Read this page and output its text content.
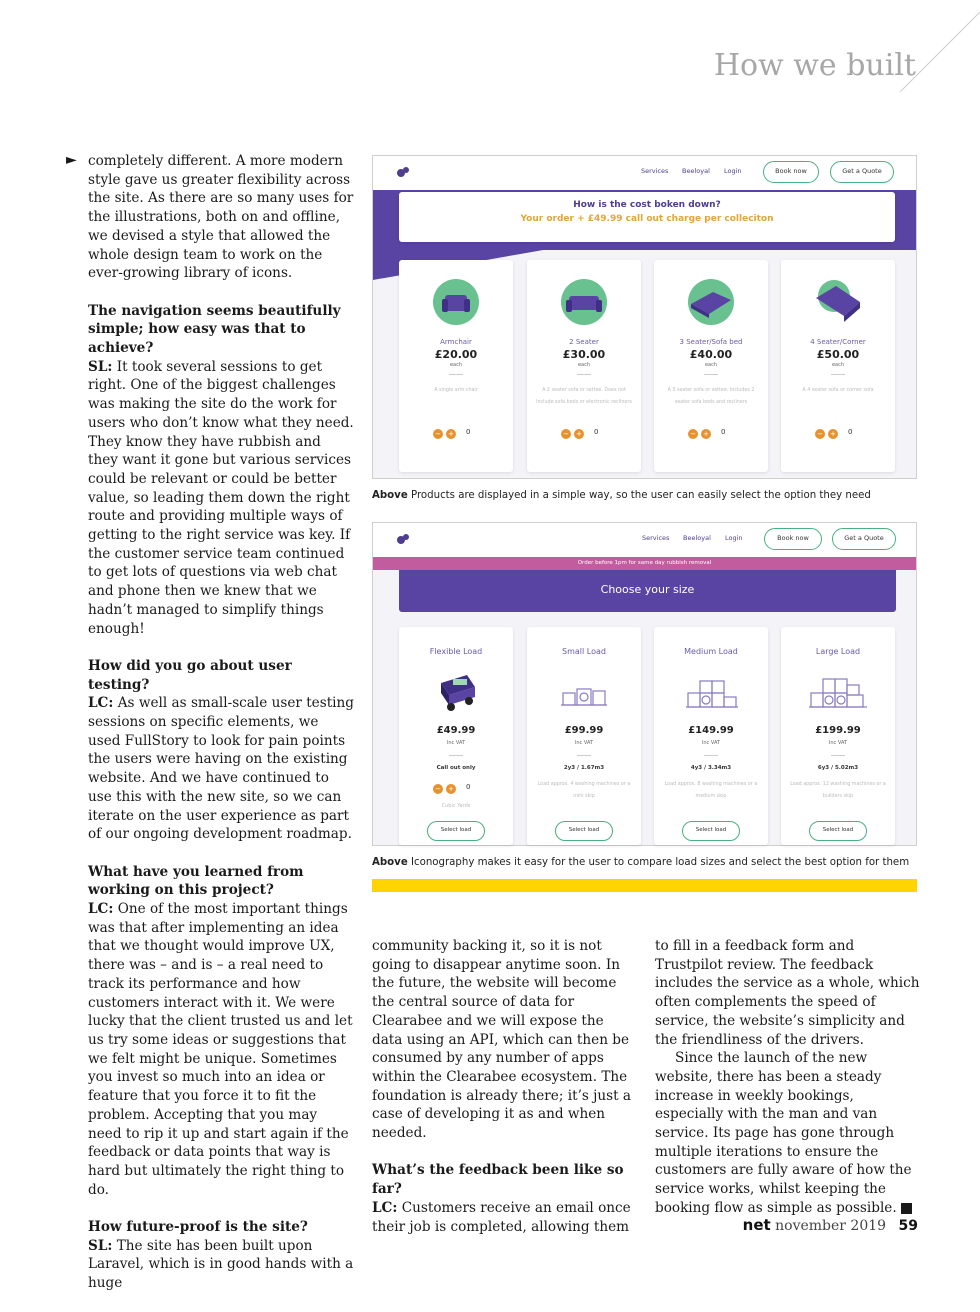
How we built
► completely different. A more modern style gave us greater flexibility across the site. As there are so many uses for the illustrations, both on and offline, we devised a style that allowed the whole design team to work on the ever-growing library of icons.

The navigation seems beautifully simple; how easy was that to achieve?
SL: It took several sessions to get right. One of the biggest challenges was making the site do the work for users who don’t know what they need. They know they have rubbish and they want it gone but various services could be relevant or could be better value, so leading them down the right route and providing multiple ways of getting to the right service was key. If the customer service team continued to get lots of questions via web chat and phone then we knew that we hadn’t managed to simplify things enough!

How did you go about user testing?
LC: As well as small-scale user testing sessions on specific elements, we used FullStory to look for pain points the users were having on the existing website. And we have continued to use this with the new site, so we can iterate on the user experience as part of our ongoing development roadmap.

What have you learned from working on this project?
LC: One of the most important things was that after implementing an idea that we thought would improve UX, there was – and is – a real need to track its performance and how customers interact with it. We were lucky that the client trusted us and let us try some ideas or suggestions that we felt might be unique. Sometimes you invest so much into an idea or feature that you force it to fit the problem. Accepting that you may need to rip it up and start again if the feedback or data points that way is hard but ultimately the right thing to do.

How future-proof is the site?
SL: The site has been built upon Laravel, which is in good hands with a huge

Services Beeloyal Login	Book now	Get a Quote
How is the cost boken down?
Your order + £49.99 call out charge per colleciton
Armchair
£20.00
each
A single arm chair
− + 0
2 Seater
£30.00
each
A 2 seater sofa or settee. Does not include sofa beds or electronic recliners
− + 0
3 Seater/Sofa bed
£40.00
each
A 3 seater sofa or settee. Includes 2 seater sofa beds and recliners
− + 0
4 Seater/Corner
£50.00
each
A 4 seater sofa or corner sofa
− + 0
Above Products are displayed in a simple way, so the user can easily select the option they need
Services Beeloyal Login	Book now	Get a Quote
Order before 1pm for same day rubbish removal
Choose your size
Flexible Load
£49.99
Inc VAT
Call out only
− + 0
Cubic Yards
Select load
Small Load
£99.99
Inc VAT
2y3 / 1.67m3
Load approx. 4 washing machines or a mini skip
Select load
Medium Load
£149.99
Inc VAT
4y3 / 3.34m3
Load approx. 8 washing machines or a medium skip
Select load
Large Load
£199.99
Inc VAT
6y3 / 5.02m3
Load approx. 12 washing machines or a builders skip
Select load
Above Iconography makes it easy for the user to compare load sizes and select the best option for them

community backing it, so it is not going to disappear anytime soon. In the future, the website will become the central source of data for Clearabee and we will expose the data using an API, which can then be consumed by any number of apps within the Clearabee ecosystem. The foundation is already there; it’s just a case of developing it as and when needed.

What’s the feedback been like so far?
LC: Customers receive an email once their job is completed, allowing them

to fill in a feedback form and Trustpilot review. The feedback includes the service as a whole, which often complements the speed of service, the website’s simplicity and the friendliness of the drivers.
Since the launch of the new website, there has been a steady increase in weekly bookings, especially with the man and van service. Its page has gone through multiple iterations to ensure the customers are fully aware of how the service works, whilst keeping the booking flow as simple as possible.	N
net november 2019 59
